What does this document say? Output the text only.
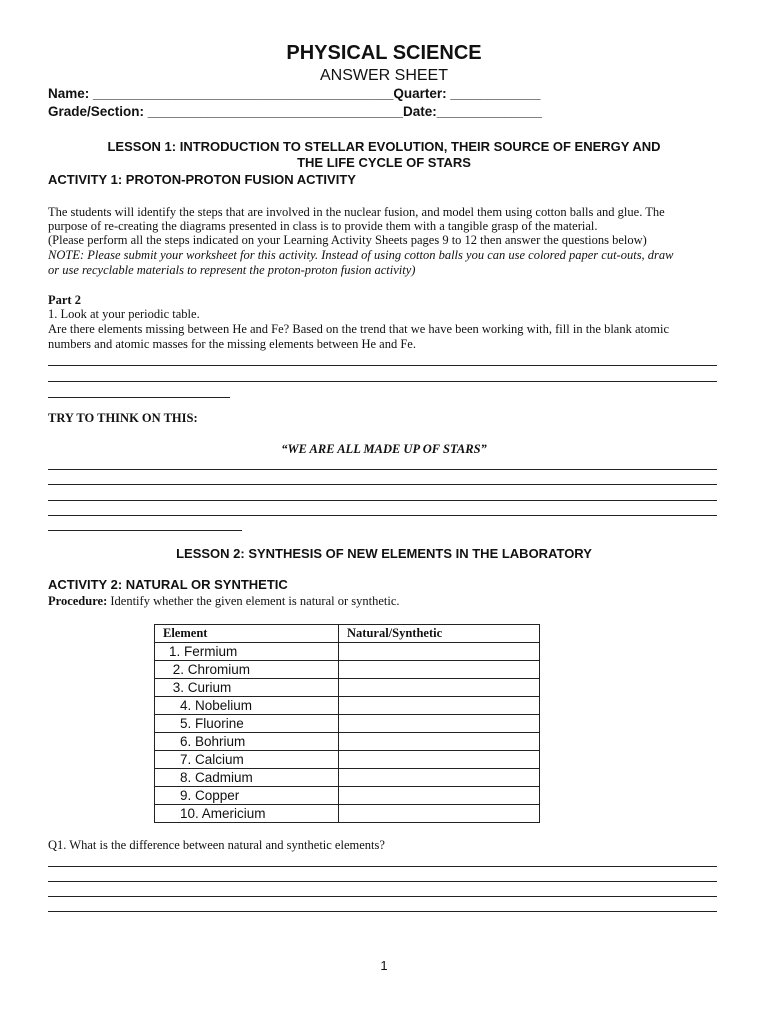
PHYSICAL SCIENCE
ANSWER SHEET
Name: ________________________________________Quarter: ____________
Grade/Section: __________________________________Date:______________
LESSON 1: INTRODUCTION TO STELLAR EVOLUTION, THEIR SOURCE OF ENERGY AND
THE LIFE CYCLE OF STARS
ACTIVITY 1: PROTON-PROTON FUSION ACTIVITY
The students will identify the steps that are involved in the nuclear fusion, and model them using cotton balls and glue. The
purpose of re-creating the diagrams presented in class is to provide them with a tangible grasp of the material.
(Please perform all the steps indicated on your Learning Activity Sheets pages 9 to 12 then answer the questions below)
NOTE: Please submit your worksheet for this activity. Instead of using cotton balls you can use colored paper cut-outs, draw
or use recyclable materials to represent the proton-proton fusion activity)
Part 2
1. Look at your periodic table.
Are there elements missing between He and Fe? Based on the trend that we have been working with, fill in the blank atomic
numbers and atomic masses for the missing elements between He and Fe.
TRY TO THINK ON THIS:
“WE ARE ALL MADE UP OF STARS”
LESSON 2: SYNTHESIS OF NEW ELEMENTS IN THE LABORATORY
ACTIVITY 2: NATURAL OR SYNTHETIC
Procedure: Identify whether the given element is natural or synthetic.
Element	Natural/Synthetic
1. Fermium	
2. Chromium	
3. Curium	
4. Nobelium	
5. Fluorine	
6. Bohrium	
7. Calcium	
8. Cadmium	
9. Copper	
10. Americium	
Q1. What is the difference between natural and synthetic elements?
1
